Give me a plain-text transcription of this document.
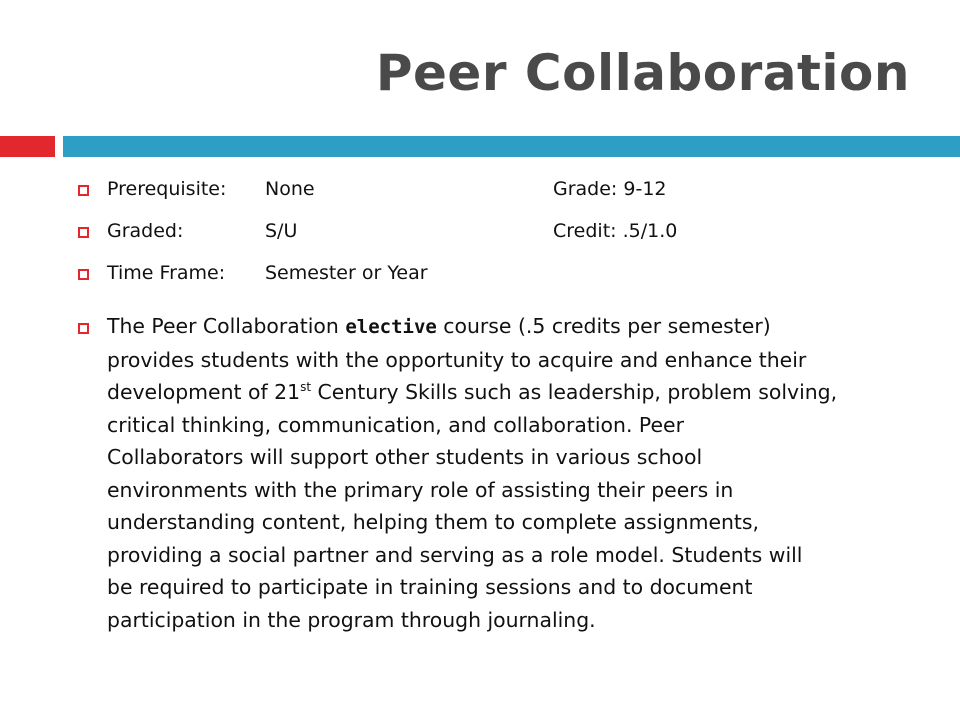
Peer Collaboration
Prerequisite: None	Grade: 9-12
Graded:	S/U	Credit: .5/1.0
Time Frame: Semester or Year

The Peer Collaboration elective course (.5 credits per semester)
provides students with the opportunity to acquire and enhance their
development of 21st Century Skills such as leadership, problem solving,
critical thinking, communication, and collaboration. Peer
Collaborators will support other students in various school
environments with the primary role of assisting their peers in
understanding content, helping them to complete assignments,
providing a social partner and serving as a role model. Students will
be required to participate in training sessions and to document
participation in the program through journaling.
